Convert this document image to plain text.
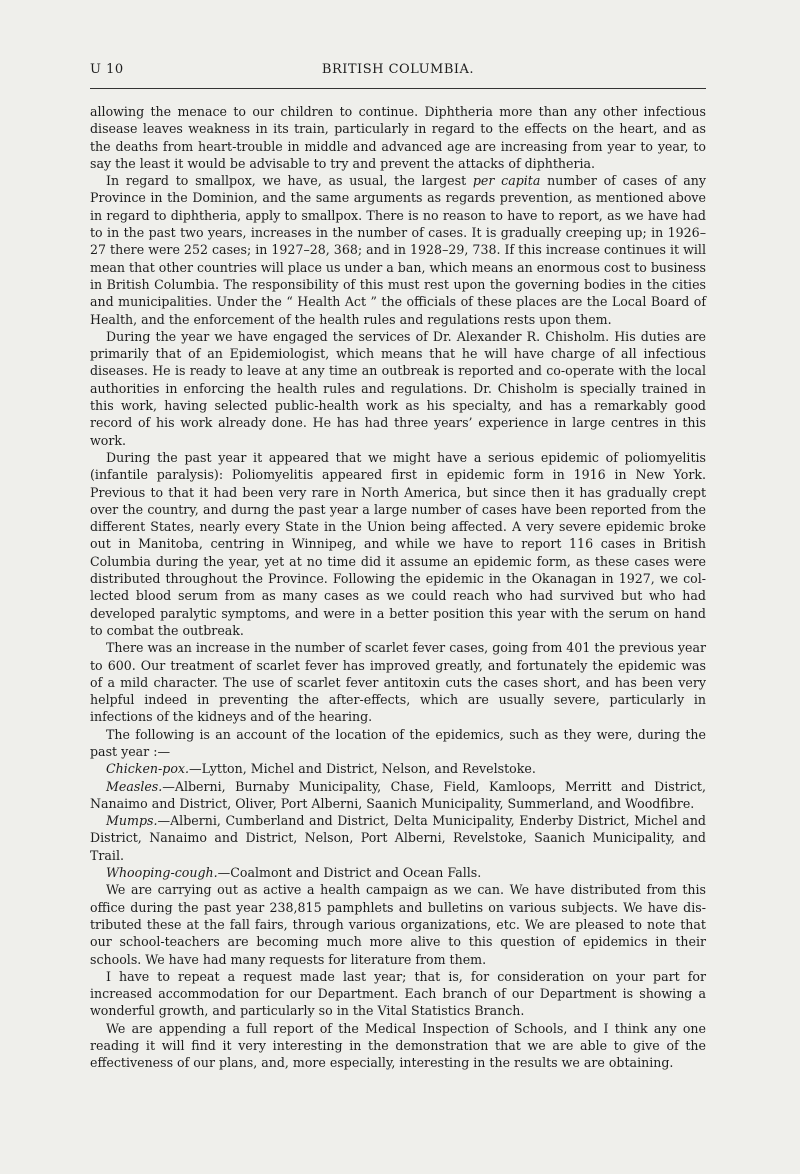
U 10	BRITISH COLUMBIA.

allowing the menace to our children to continue. Diphtheria more than any other infectious disease leaves weakness in its train, particularly in regard to the effects on the heart, and as the deaths from heart-trouble in middle and advanced age are increasing from year to year, to say the least it would be advisable to try and prevent the attacks of diphtheria.

In regard to smallpox, we have, as usual, the largest per capita number of cases of any Province in the Dominion, and the same arguments as regards prevention, as mentioned above in regard to diphtheria, apply to smallpox. There is no reason to have to report, as we have had to in the past two years, increases in the number of cases. It is gradually creeping up; in 1926–27 there were 252 cases; in 1927–28, 368; and in 1928–29, 738. If this increase continues it will mean that other countries will place us under a ban, which means an enormous cost to business in British Columbia. The responsibility of this must rest upon the governing bodies in the cities and municipalities. Under the “ Health Act ” the officials of these places are the Local Board of Health, and the enforcement of the health rules and regulations rests upon them.

During the year we have engaged the services of Dr. Alexander R. Chisholm. His duties are primarily that of an Epidemiologist, which means that he will have charge of all infectious diseases. He is ready to leave at any time an outbreak is reported and co-operate with the local authorities in enforcing the health rules and regulations. Dr. Chisholm is specially trained in this work, having selected public-health work as his specialty, and has a remarkably good record of his work already done. He has had three years’ experience in large centres in this work.

During the past year it appeared that we might have a serious epidemic of poliomyelitis (infantile paralysis): Poliomyelitis appeared first in epidemic form in 1916 in New York. Previous to that it had been very rare in North America, but since then it has gradually crept over the country, and durng the past year a large number of cases have been reported from the different States, nearly every State in the Union being affected. A very severe epidemic broke out in Manitoba, centring in Winnipeg, and while we have to report 116 cases in British Columbia during the year, yet at no time did it assume an epidemic form, as these cases were distributed throughout the Province. Following the epidemic in the Okanagan in 1927, we col-lected blood serum from as many cases as we could reach who had survived but who had developed paralytic symptoms, and were in a better position this year with the serum on hand to combat the outbreak.

There was an increase in the number of scarlet fever cases, going from 401 the previous year to 600. Our treatment of scarlet fever has improved greatly, and fortunately the epidemic was of a mild character. The use of scarlet fever antitoxin cuts the cases short, and has been very helpful indeed in preventing the after-effects, which are usually severe, particularly in infections of the kidneys and of the hearing.

The following is an account of the location of the epidemics, such as they were, during the past year :—

Chicken-pox.—Lytton, Michel and District, Nelson, and Revelstoke.

Measles.—Alberni, Burnaby Municipality, Chase, Field, Kamloops, Merritt and District, Nanaimo and District, Oliver, Port Alberni, Saanich Municipality, Summerland, and Woodfibre.

Mumps.—Alberni, Cumberland and District, Delta Municipality, Enderby District, Michel and District, Nanaimo and District, Nelson, Port Alberni, Revelstoke, Saanich Municipality, and Trail.

Whooping-cough.—Coalmont and District and Ocean Falls.

We are carrying out as active a health campaign as we can. We have distributed from this office during the past year 238,815 pamphlets and bulletins on various subjects. We have dis-tributed these at the fall fairs, through various organizations, etc. We are pleased to note that our school-teachers are becoming much more alive to this question of epidemics in their schools. We have had many requests for literature from them.

I have to repeat a request made last year; that is, for consideration on your part for increased accommodation for our Department. Each branch of our Department is showing a wonderful growth, and particularly so in the Vital Statistics Branch.

We are appending a full report of the Medical Inspection of Schools, and I think any one reading it will find it very interesting in the demonstration that we are able to give of the effectiveness of our plans, and, more especially, interesting in the results we are obtaining.
